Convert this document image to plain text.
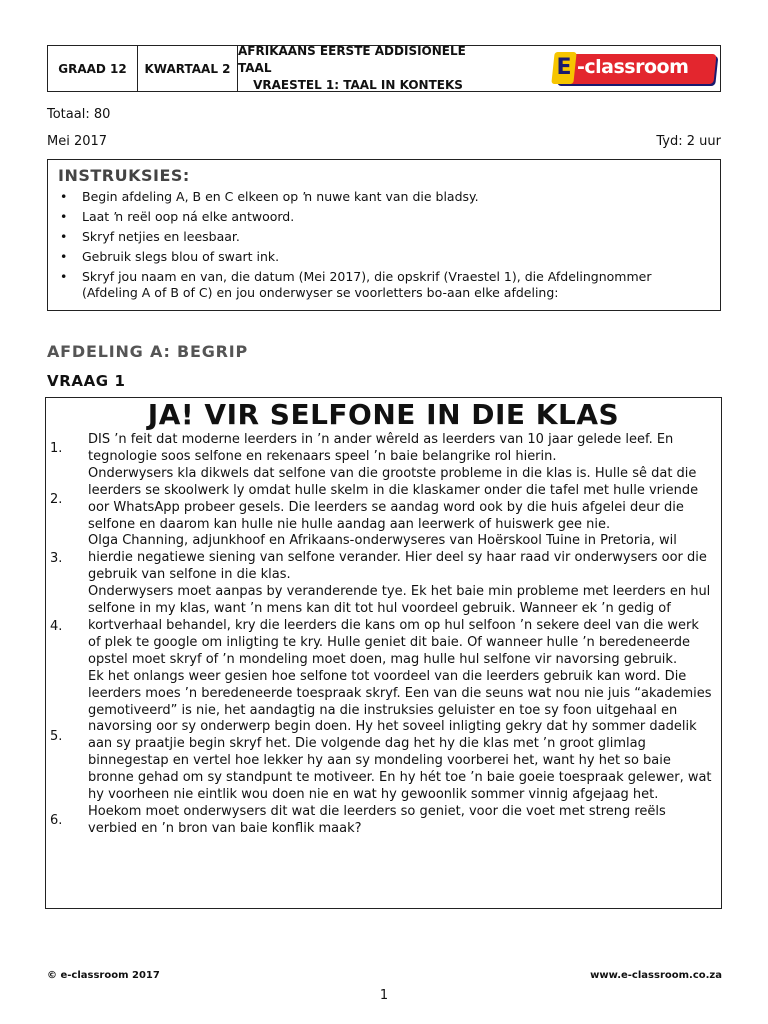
GRAAD 12	KWARTAAL 2
AFRIKAANS EERSTE ADDISIONELE TAAL
VRAESTEL 1: TAAL IN KONTEKS
E -classroom
Totaal: 80
Mei 2017	Tyd: 2 uur
INSTRUKSIES:
• Begin afdeling A, B en C elkeen op ŉ nuwe kant van die bladsy.
• Laat ŉ reël oop ná elke antwoord.
• Skryf netjies en leesbaar.
• Gebruik slegs blou of swart ink.
• Skryf jou naam en van, die datum (Mei 2017), die opskrif (Vraestel 1), die Afdelingnommer (Afdeling A of B of C) en jou onderwyser se voorletters bo-aan elke afdeling:
AFDELING A: BEGRIP
VRAAG 1
JA! VIR SELFONE IN DIE KLAS
1.
DIS ’n feit dat moderne leerders in ’n ander wêreld as leerders van 10 jaar gelede leef. En tegnologie soos selfone en rekenaars speel ’n baie belangrike rol hierin.
2.
Onderwysers kla dikwels dat selfone van die grootste probleme in die klas is. Hulle sê dat die leerders se skoolwerk ly omdat hulle skelm in die klaskamer onder die tafel met hulle vriende oor WhatsApp probeer gesels. Die leerders se aandag word ook by die huis afgelei deur die selfone en daarom kan hulle nie hulle aandag aan leerwerk of huiswerk gee nie.
3.
Olga Channing, adjunkhoof en Afrikaans-onderwyseres van Hoërskool Tuine in Pretoria, wil hierdie negatiewe siening van selfone verander. Hier deel sy haar raad vir onderwysers oor die gebruik van selfone in die klas.
4.
Onderwysers moet aanpas by veranderende tye. Ek het baie min probleme met leerders en hul selfone in my klas, want ’n mens kan dit tot hul voordeel gebruik. Wanneer ek ’n gedig of kortverhaal behandel, kry die leerders die kans om op hul selfoon ’n sekere deel van die werk of plek te google om inligting te kry. Hulle geniet dit baie. Of wanneer hulle ’n beredeneerde opstel moet skryf of ’n mondeling moet doen, mag hulle hul selfone vir navorsing gebruik.
5.
Ek het onlangs weer gesien hoe selfone tot voordeel van die leerders gebruik kan word. Die leerders moes ’n beredeneerde toespraak skryf. Een van die seuns wat nou nie juis “akademies gemotiveerd” is nie, het aandagtig na die instruksies geluister en toe sy foon uitgehaal en navorsing oor sy onderwerp begin doen. Hy het soveel inligting gekry dat hy sommer dadelik aan sy praatjie begin skryf het. Die volgende dag het hy die klas met ’n groot glimlag binnegestap en vertel hoe lekker hy aan sy mondeling voorberei het, want hy het so baie bronne gehad om sy standpunt te motiveer. En hy hét toe ’n baie goeie toespraak gelewer, wat hy voorheen nie eintlik wou doen nie en wat hy gewoonlik sommer vinnig afgejaag het.
6.
Hoekom moet onderwysers dit wat die leerders so geniet, voor die voet met streng reëls verbied en ’n bron van baie konflik maak?
© e-classroom 2017	www.e-classroom.co.za
1
